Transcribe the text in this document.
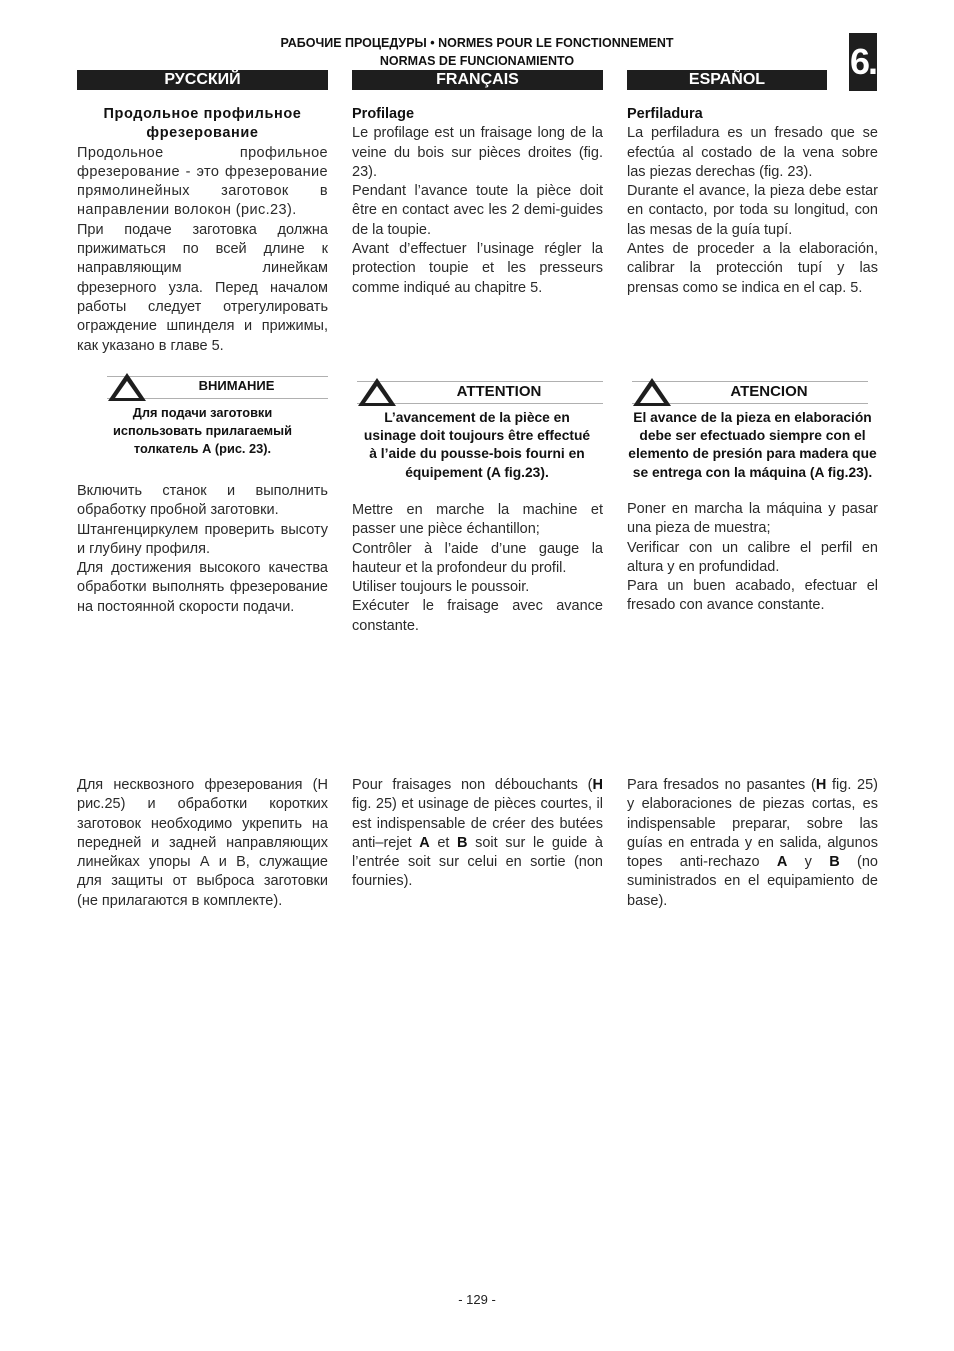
РАБОЧИЕ ПРОЦЕДУРЫ • NORMES POUR LE FONCTIONNEMENT
NORMAS DE FUNCIONAMIENTO	6.
РУССКИЙ	FRANÇAIS	ESPAÑOL

Продольное профильное фрезерование

Продольное профильное фрезерование - это фрезерование прямолинейных заготовок в направлении волокон (рис.23).

При подаче заготовка должна прижиматься по всей длине к направляющим линейкам фрезерного узла. Перед началом работы следует отрегулировать ограждение шпинделя и прижимы, как указано в главе 5.

ВНИМАНИЕ

Для подачи заготовки использовать прилагаемый толкатель А (рис. 23).

Включить станок и выполнить обработку пробной заготовки.

Штангенциркулем проверить высоту и глубину профиля.

Для достижения высокого качества обработки выполнять фрезерование на постоянной скорости подачи.

Для несквозного фрезерования (Н рис.25) и обработки коротких заготовок необходимо укрепить на передней и задней направляющих линейках упоры А и В, служащие для защиты от выброса заготовки (не прилагаются в комплекте).

Profilage

Le profilage est un fraisage long de la veine du bois sur pièces droites (fig. 23).

Pendant l’avance toute la pièce doit être en contact avec les 2 demi-guides de la toupie.

Avant d’effectuer l’usinage régler la protection toupie et les presseurs comme indiqué au chapitre 5.

ATTENTION

L’avancement de la pièce en usinage doit toujours être effectué à l’aide du pousse-bois fourni en équipement (A fig.23).

Mettre en marche la machine et passer une pièce échantillon;

Contrôler à l’aide d’une gauge la hauteur et la profondeur du profil.

Utiliser toujours le poussoir.

Exécuter le fraisage avec avance constante.

Pour fraisages non débouchants (H fig. 25) et usinage de pièces courtes, il est indispensable de créer des butées anti–rejet A et B soit sur le guide à l’entrée soit sur celui en sortie (non fournies).

Perfiladura

La perfiladura es un fresado que se efectúa al costado de la vena sobre las piezas derechas (fig. 23).

Durante el avance, la pieza debe estar en contacto, por toda su longitud, con las mesas de la guía tupí.

Antes de proceder a la elaboración, calibrar la protección tupí y las prensas como se indica en el cap. 5.

ATENCION

El avance de la pieza en elaboración debe ser efectuado siempre con el elemento de presión para madera que se entrega con la máquina (A fig.23).

Poner en marcha la máquina y pasar una pieza de muestra;

Verificar con un calibre el perfil en altura y en profundidad.

Para un buen acabado, efectuar el fresado con avance constante.

Para fresados no pasantes (H fig. 25) y elaboraciones de piezas cortas, es indispensable preparar, sobre las guías en entrada y en salida, algunos topes anti-rechazo A y B (no suministrados en el equipamiento de base).

- 129 -
